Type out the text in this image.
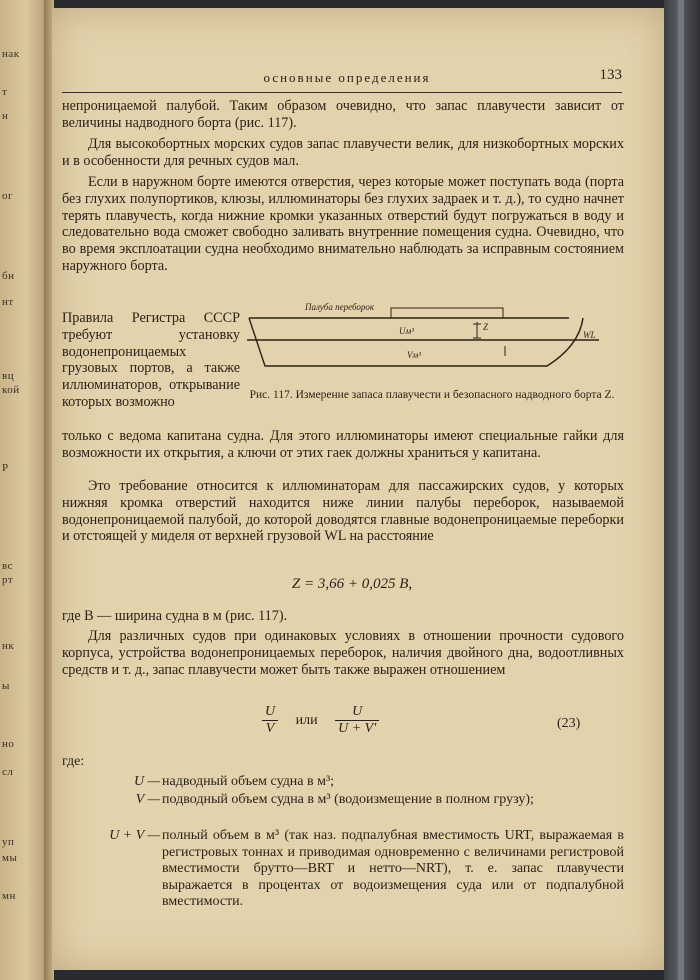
нак
т
н
ог
бн
нт
вц
кой
Р
вс
рт
нк
ы
но
сл
уп
мы
мн
основные определения	133

непроницаемой палубой. Таким образом очевидно, что запас плавучести зависит от величины надводного борта (рис. 117).

Для высокобортных морских судов запас плавучести велик, для низкобортных морских и в особенности для речных судов мал.

Если в наружном борте имеются отверстия, через которые может поступать вода (порта без глухих полупортиков, клюзы, иллюминаторы без глухих задраек и т. д.), то судно начнет терять плавучесть, когда нижние кромки указанных отверстий будут погружаться в воду и следовательно вода сможет свободно заливать внутренние помещения судна. Очевидно, что во время эксплоатации судна необходимо внимательно наблюдать за исправным состоянием наружного борта.

Правила Регистра СССР требуют установку водонепроницаемых грузовых портов, а также иллюминаторов, открывание которых возможно

Палуба переборок
Uм³
Vм³
Z
WL
Рис. 117. Измерение запаса плавучести и безопасного надводного борта Z.

только с ведома капитана судна. Для этого иллюминаторы имеют специальные гайки для возможности их открытия, а ключи от этих гаек должны храниться у капитана.

Это требование относится к иллюминаторам для пассажирских судов, у которых нижняя кромка отверстий находится ниже линии палубы переборок, называемой водонепроницаемой палубой, до которой доводятся главные водонепроницаемые переборки и отстоящей у миделя от верхней грузовой WL на расстояние

Z = 3,66 + 0,025 B,

где B — ширина судна в м (рис. 117).

Для различных судов при одинаковых условиях в отношении прочности судового корпуса, устройства водонепроницаемых переборок, наличия двойного дна, водоотливных средств и т. д., запас плавучести может быть также выражен отношением

$\frac{U}{V}$ или $\frac{U}{U + V'}$	(23)
где:
U — надводный объем судна в м³;
V — подводный объем судна в м³ (водоизмещение в полном грузу);
U + V — полный объем в м³ (так наз. подпалубная вместимость URT, выражаемая в регистровых тоннах и приводимая одновременно с величинами регистровой вместимости брутто—BRT и нетто—NRT), т. е. запас плавучести выражается в процентах от водоизмещения суда или от подпалубной вместимости.
